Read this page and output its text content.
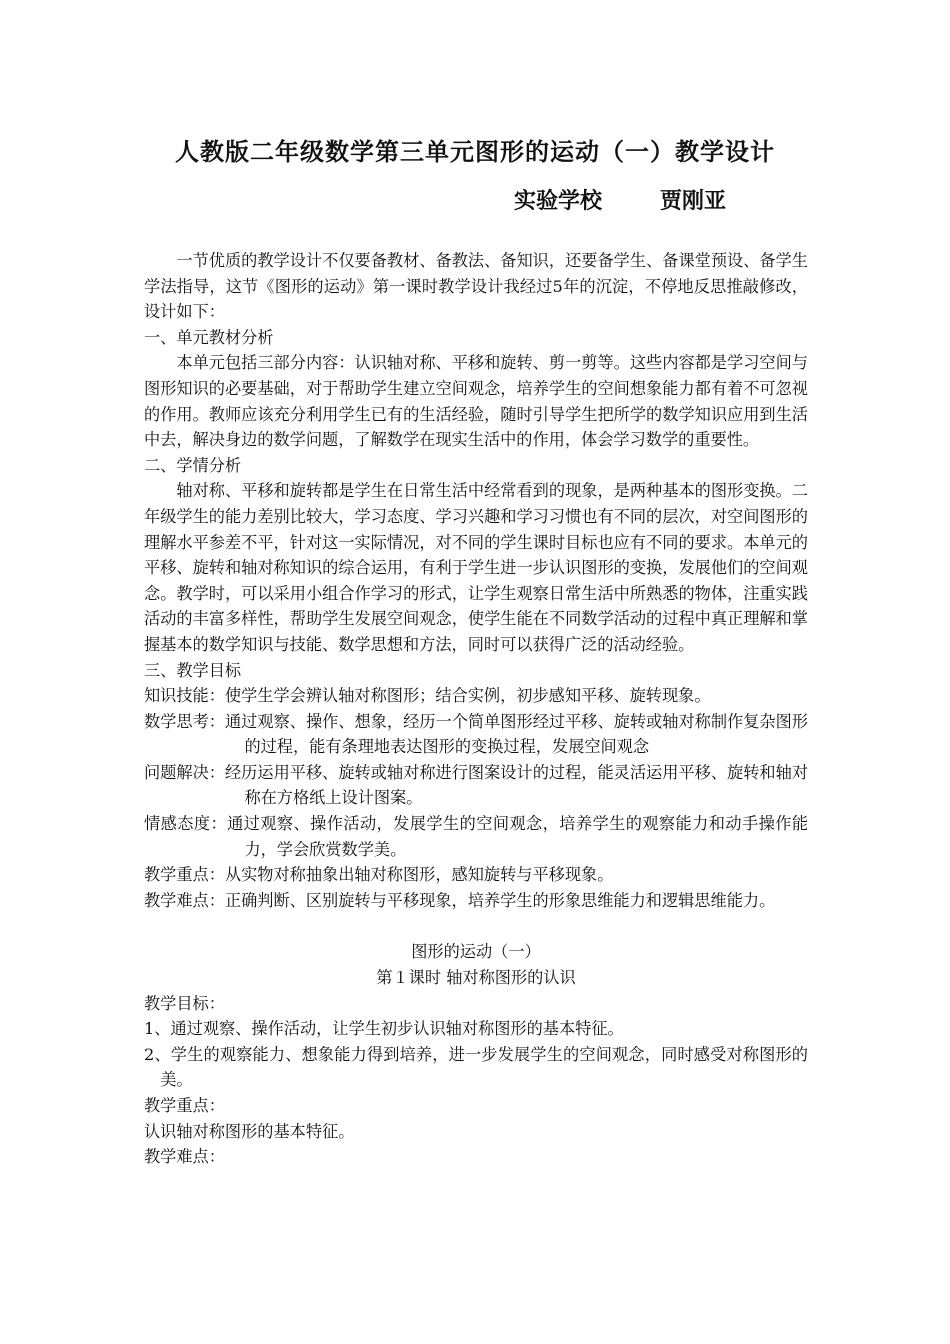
人教版二年级数学第三单元图形的运动（一）教学设计
实验学校	贾刚亚

一节优质的教学设计不仅要备教材、备教法、备知识，还要备学生、备课堂预设、备学生学法指导，这节《图形的运动》第一课时教学设计我经过5年的沉淀，不停地反思推敲修改，设计如下：

一、单元教材分析

本单元包括三部分内容：认识轴对称、平移和旋转、剪一剪等。这些内容都是学习空间与图形知识的必要基础，对于帮助学生建立空间观念，培养学生的空间想象能力都有着不可忽视的作用。教师应该充分利用学生已有的生活经验，随时引导学生把所学的数学知识应用到生活中去，解决身边的数学问题，了解数学在现实生活中的作用，体会学习数学的重要性。

二、学情分析

轴对称、平移和旋转都是学生在日常生活中经常看到的现象，是两种基本的图形变换。二年级学生的能力差别比较大，学习态度、学习兴趣和学习习惯也有不同的层次，对空间图形的理解水平参差不平，针对这一实际情况，对不同的学生课时目标也应有不同的要求。本单元的平移、旋转和轴对称知识的综合运用，有利于学生进一步认识图形的变换，发展他们的空间观念。教学时，可以采用小组合作学习的形式，让学生观察日常生活中所熟悉的物体，注重实践活动的丰富多样性，帮助学生发展空间观念，使学生能在不同数学活动的过程中真正理解和掌握基本的数学知识与技能、数学思想和方法，同时可以获得广泛的活动经验。

三、教学目标

知识技能：使学生学会辨认轴对称图形；结合实例，初步感知平移、旋转现象。

数学思考：通过观察、操作、想象，经历一个简单图形经过平移、旋转或轴对称制作复杂图形的过程，能有条理地表达图形的变换过程，发展空间观念

问题解决：经历运用平移、旋转或轴对称进行图案设计的过程，能灵活运用平移、旋转和轴对称在方格纸上设计图案。

情感态度：通过观察、操作活动，发展学生的空间观念，培养学生的观察能力和动手操作能力，学会欣赏数学美。

教学重点：从实物对称抽象出轴对称图形，感知旋转与平移现象。

教学难点：正确判断、区别旋转与平移现象，培养学生的形象思维能力和逻辑思维能力。

图形的运动（一）

第１课时 轴对称图形的认识

教学目标：

1、通过观察、操作活动，让学生初步认识轴对称图形的基本特征。

2、学生的观察能力、想象能力得到培养，进一步发展学生的空间观念，同时感受对称图形的美。

教学重点：

认识轴对称图形的基本特征。

教学难点：
